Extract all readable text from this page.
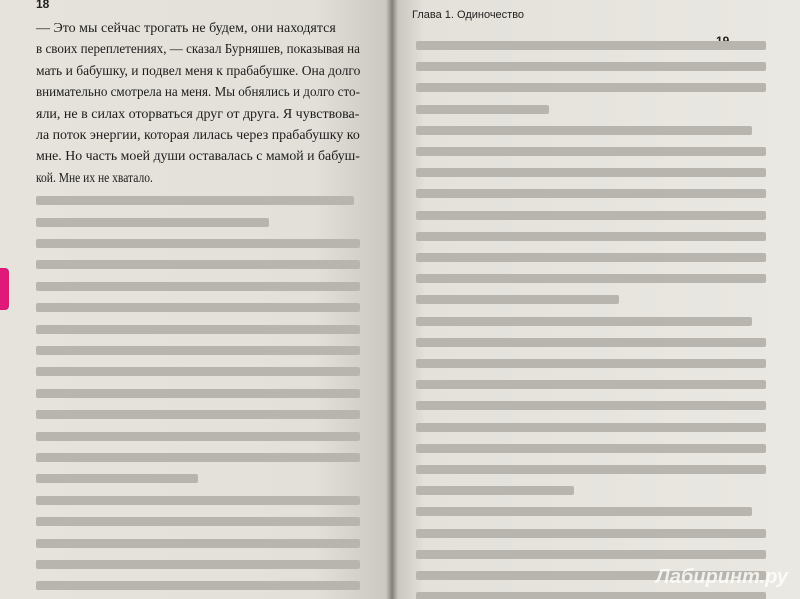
18
— Это мы сейчас трогать не будем, они находятся
в своих переплетениях, — сказал Бурняшев, показывая на
мать и бабушку, и подвел меня к прабабушке. Она долго
внимательно смотрела на меня. Мы обнялись и долго сто-
яли, не в силах оторваться друг от друга. Я чувствова-
ла поток энергии, которая лилась через прабабушку ко
мне. Но часть моей души оставалась с мамой и бабуш-
кой. Мне их не хватало.
Глава 1. Одиночество
Лабиринт.ру
